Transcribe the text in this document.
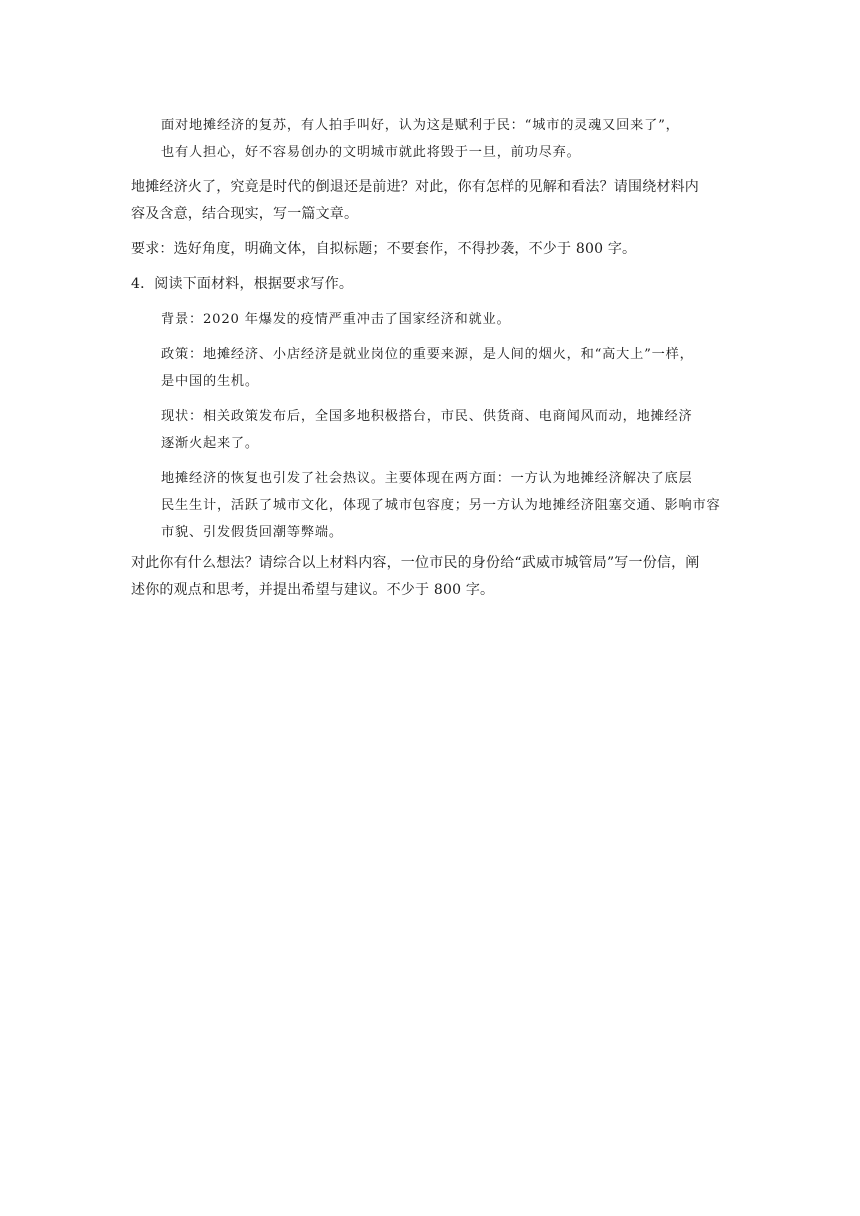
面对地摊经济的复苏，有人拍手叫好，认为这是赋利于民：“城市的灵魂又回来了”，
也有人担心，好不容易创办的文明城市就此将毁于一旦，前功尽弃。

地摊经济火了，究竟是时代的倒退还是前进？对此，你有怎样的见解和看法？请围绕材料内
容及含意，结合现实，写一篇文章。

要求：选好角度，明确文体，自拟标题；不要套作，不得抄袭，不少于 800 字。

4．阅读下面材料，根据要求写作。

背景：2020 年爆发的疫情严重冲击了国家经济和就业。

政策：地摊经济、小店经济是就业岗位的重要来源，是人间的烟火，和“高大上”一样，
是中国的生机。

现状：相关政策发布后，全国多地积极搭台，市民、供货商、电商闻风而动，地摊经济
逐渐火起来了。

地摊经济的恢复也引发了社会热议。主要体现在两方面：一方认为地摊经济解决了底层
民生生计，活跃了城市文化，体现了城市包容度；另一方认为地摊经济阻塞交通、影响市容
市貌、引发假货回潮等弊端。

对此你有什么想法？请综合以上材料内容，一位市民的身份给“武威市城管局”写一份信，阐
述你的观点和思考，并提出希望与建议。不少于 800 字。
